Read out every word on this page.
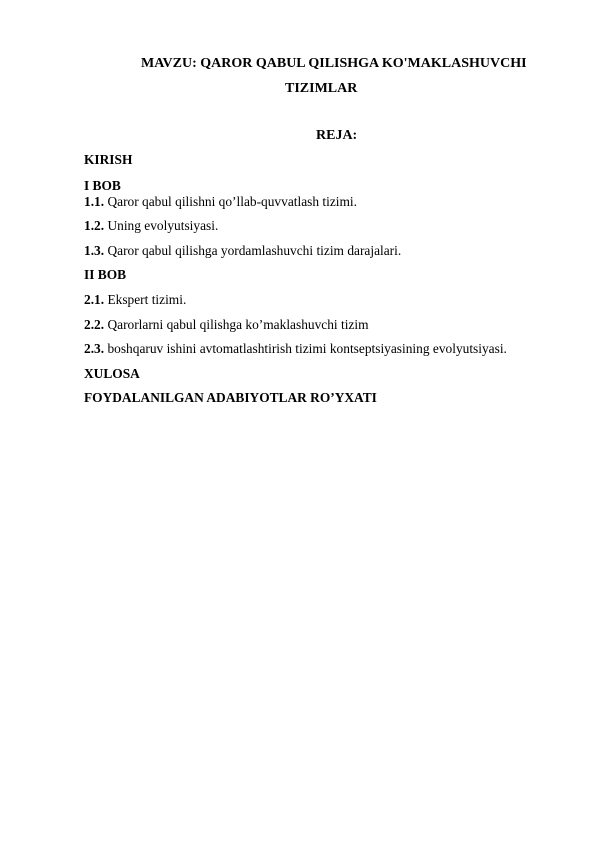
MAVZU: QAROR QABUL QILISHGA KO'MAKLASHUVCHI
TIZIMLAR
REJA:
KIRISH
I BOB
1.1. Qaror qabul qilishni qo’llab-quvvatlash tizimi.
1.2. Uning evolyutsiyasi.
1.3. Qaror qabul qilishga yordamlashuvchi tizim darajalari.
II BOB
2.1. Ekspert tizimi.
2.2. Qarorlarni qabul qilishga ko’maklashuvchi tizim
2.3. boshqaruv ishini avtomatlashtirish tizimi kontseptsiyasining evolyutsiyasi.
XULOSA
FOYDALANILGAN ADABIYOTLAR RO’YXATI
